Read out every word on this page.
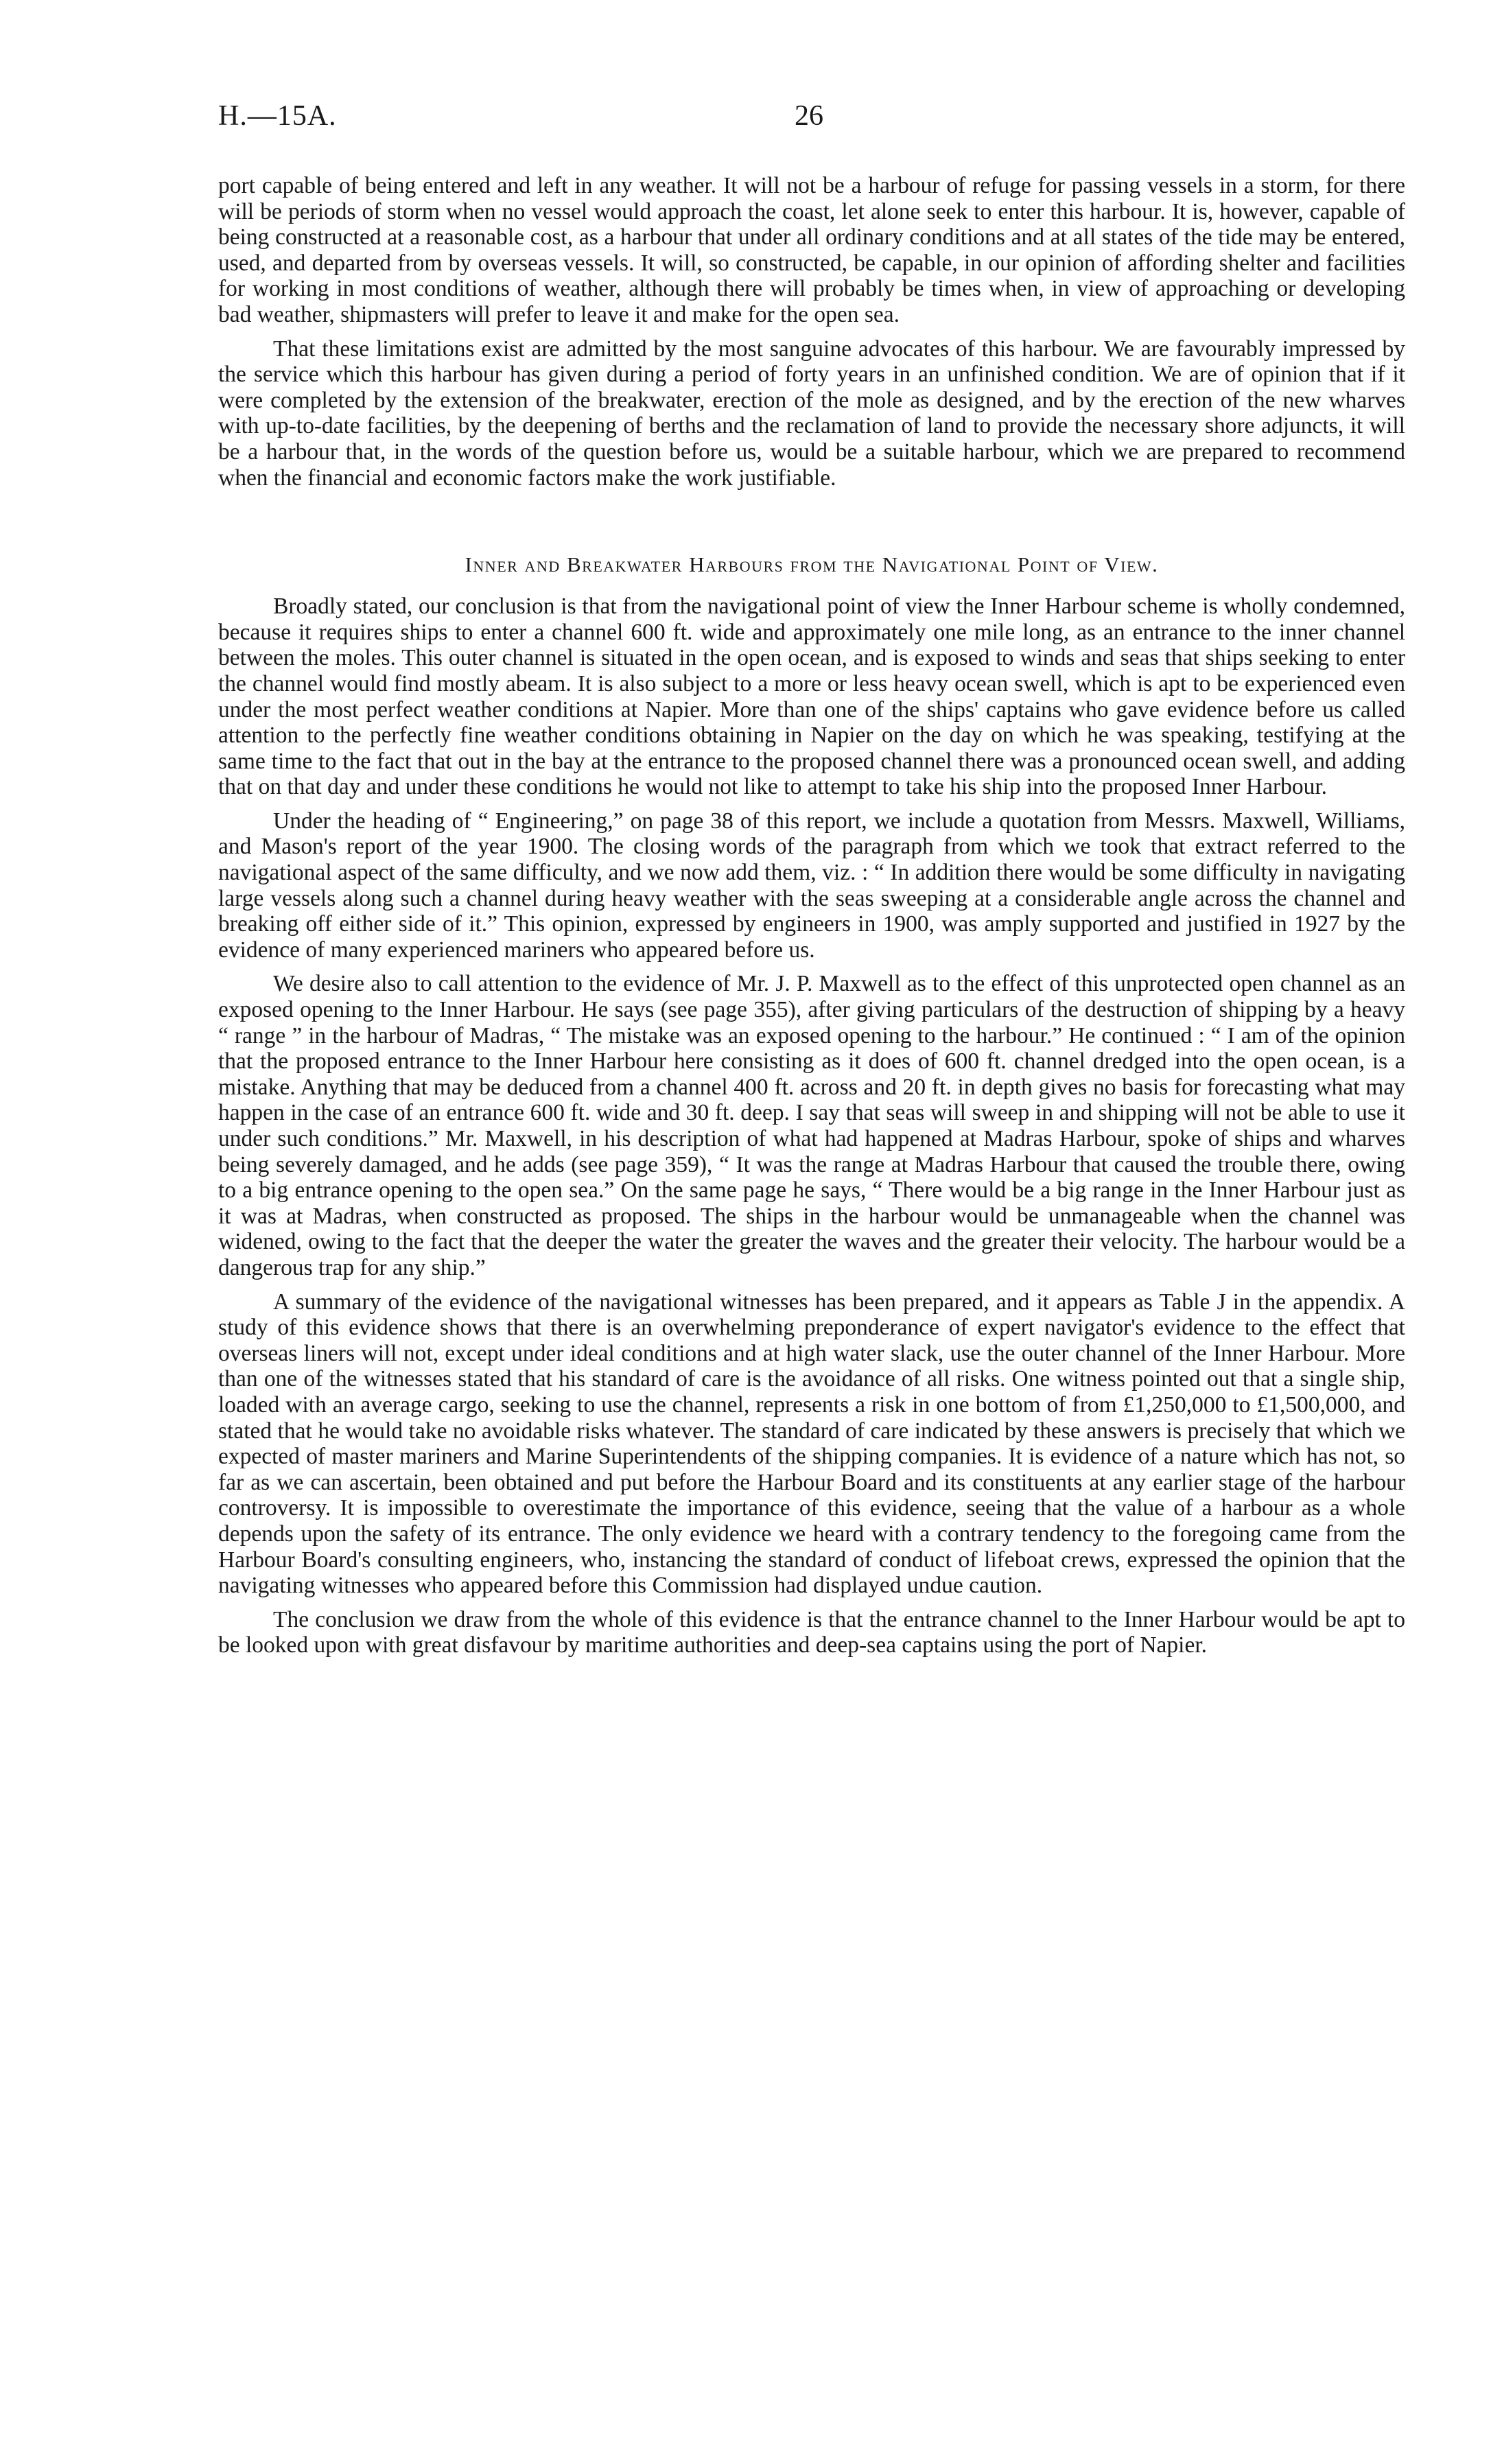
H.—15A.	26

port capable of being entered and left in any weather. It will not be a harbour of refuge for passing vessels in a storm, for there will be periods of storm when no vessel would approach the coast, let alone seek to enter this harbour. It is, however, capable of being constructed at a reasonable cost, as a harbour that under all ordinary conditions and at all states of the tide may be entered, used, and departed from by overseas vessels. It will, so constructed, be capable, in our opinion of affording shelter and facilities for working in most conditions of weather, although there will probably be times when, in view of approaching or developing bad weather, shipmasters will prefer to leave it and make for the open sea.

That these limitations exist are admitted by the most sanguine advocates of this harbour. We are favourably impressed by the service which this harbour has given during a period of forty years in an unfinished condition. We are of opinion that if it were completed by the extension of the breakwater, erection of the mole as designed, and by the erection of the new wharves with up-to-date facilities, by the deepening of berths and the reclamation of land to provide the necessary shore adjuncts, it will be a harbour that, in the words of the question before us, would be a suitable harbour, which we are prepared to recommend when the financial and economic factors make the work justifiable.

Inner and Breakwater Harbours from the Navigational Point of View.

Broadly stated, our conclusion is that from the navigational point of view the Inner Harbour scheme is wholly condemned, because it requires ships to enter a channel 600 ft. wide and approximately one mile long, as an entrance to the inner channel between the moles. This outer channel is situated in the open ocean, and is exposed to winds and seas that ships seeking to enter the channel would find mostly abeam. It is also subject to a more or less heavy ocean swell, which is apt to be experienced even under the most perfect weather conditions at Napier. More than one of the ships' captains who gave evidence before us called attention to the perfectly fine weather conditions obtaining in Napier on the day on which he was speaking, testifying at the same time to the fact that out in the bay at the entrance to the proposed channel there was a pronounced ocean swell, and adding that on that day and under these conditions he would not like to attempt to take his ship into the proposed Inner Harbour.

Under the heading of “ Engineering,” on page 38 of this report, we include a quotation from Messrs. Maxwell, Williams, and Mason's report of the year 1900. The closing words of the paragraph from which we took that extract referred to the navigational aspect of the same difficulty, and we now add them, viz. : “ In addition there would be some difficulty in navigating large vessels along such a channel during heavy weather with the seas sweeping at a considerable angle across the channel and breaking off either side of it.” This opinion, expressed by engineers in 1900, was amply supported and justified in 1927 by the evidence of many experienced mariners who appeared before us.

We desire also to call attention to the evidence of Mr. J. P. Maxwell as to the effect of this unprotected open channel as an exposed opening to the Inner Harbour. He says (see page 355), after giving particulars of the destruction of shipping by a heavy “ range ” in the harbour of Madras, “ The mistake was an exposed opening to the harbour.” He continued : “ I am of the opinion that the proposed entrance to the Inner Harbour here consisting as it does of 600 ft. channel dredged into the open ocean, is a mistake. Anything that may be deduced from a channel 400 ft. across and 20 ft. in depth gives no basis for forecasting what may happen in the case of an entrance 600 ft. wide and 30 ft. deep. I say that seas will sweep in and shipping will not be able to use it under such conditions.” Mr. Maxwell, in his description of what had happened at Madras Harbour, spoke of ships and wharves being severely damaged, and he adds (see page 359), “ It was the range at Madras Harbour that caused the trouble there, owing to a big entrance opening to the open sea.” On the same page he says, “ There would be a big range in the Inner Harbour just as it was at Madras, when constructed as proposed. The ships in the harbour would be unmanageable when the channel was widened, owing to the fact that the deeper the water the greater the waves and the greater their velocity. The harbour would be a dangerous trap for any ship.”

A summary of the evidence of the navigational witnesses has been prepared, and it appears as Table J in the appendix. A study of this evidence shows that there is an overwhelming preponderance of expert navigator's evidence to the effect that overseas liners will not, except under ideal conditions and at high water slack, use the outer channel of the Inner Harbour. More than one of the witnesses stated that his standard of care is the avoidance of all risks. One witness pointed out that a single ship, loaded with an average cargo, seeking to use the channel, represents a risk in one bottom of from £1,250,000 to £1,500,000, and stated that he would take no avoidable risks whatever. The standard of care indicated by these answers is precisely that which we expected of master mariners and Marine Superintendents of the shipping companies. It is evidence of a nature which has not, so far as we can ascertain, been obtained and put before the Harbour Board and its constituents at any earlier stage of the harbour controversy. It is impossible to overestimate the importance of this evidence, seeing that the value of a harbour as a whole depends upon the safety of its entrance. The only evidence we heard with a contrary tendency to the foregoing came from the Harbour Board's consulting engineers, who, instancing the standard of conduct of lifeboat crews, expressed the opinion that the navigating witnesses who appeared before this Commission had displayed undue caution.

The conclusion we draw from the whole of this evidence is that the entrance channel to the Inner Harbour would be apt to be looked upon with great disfavour by maritime authorities and deep-sea captains using the port of Napier.
